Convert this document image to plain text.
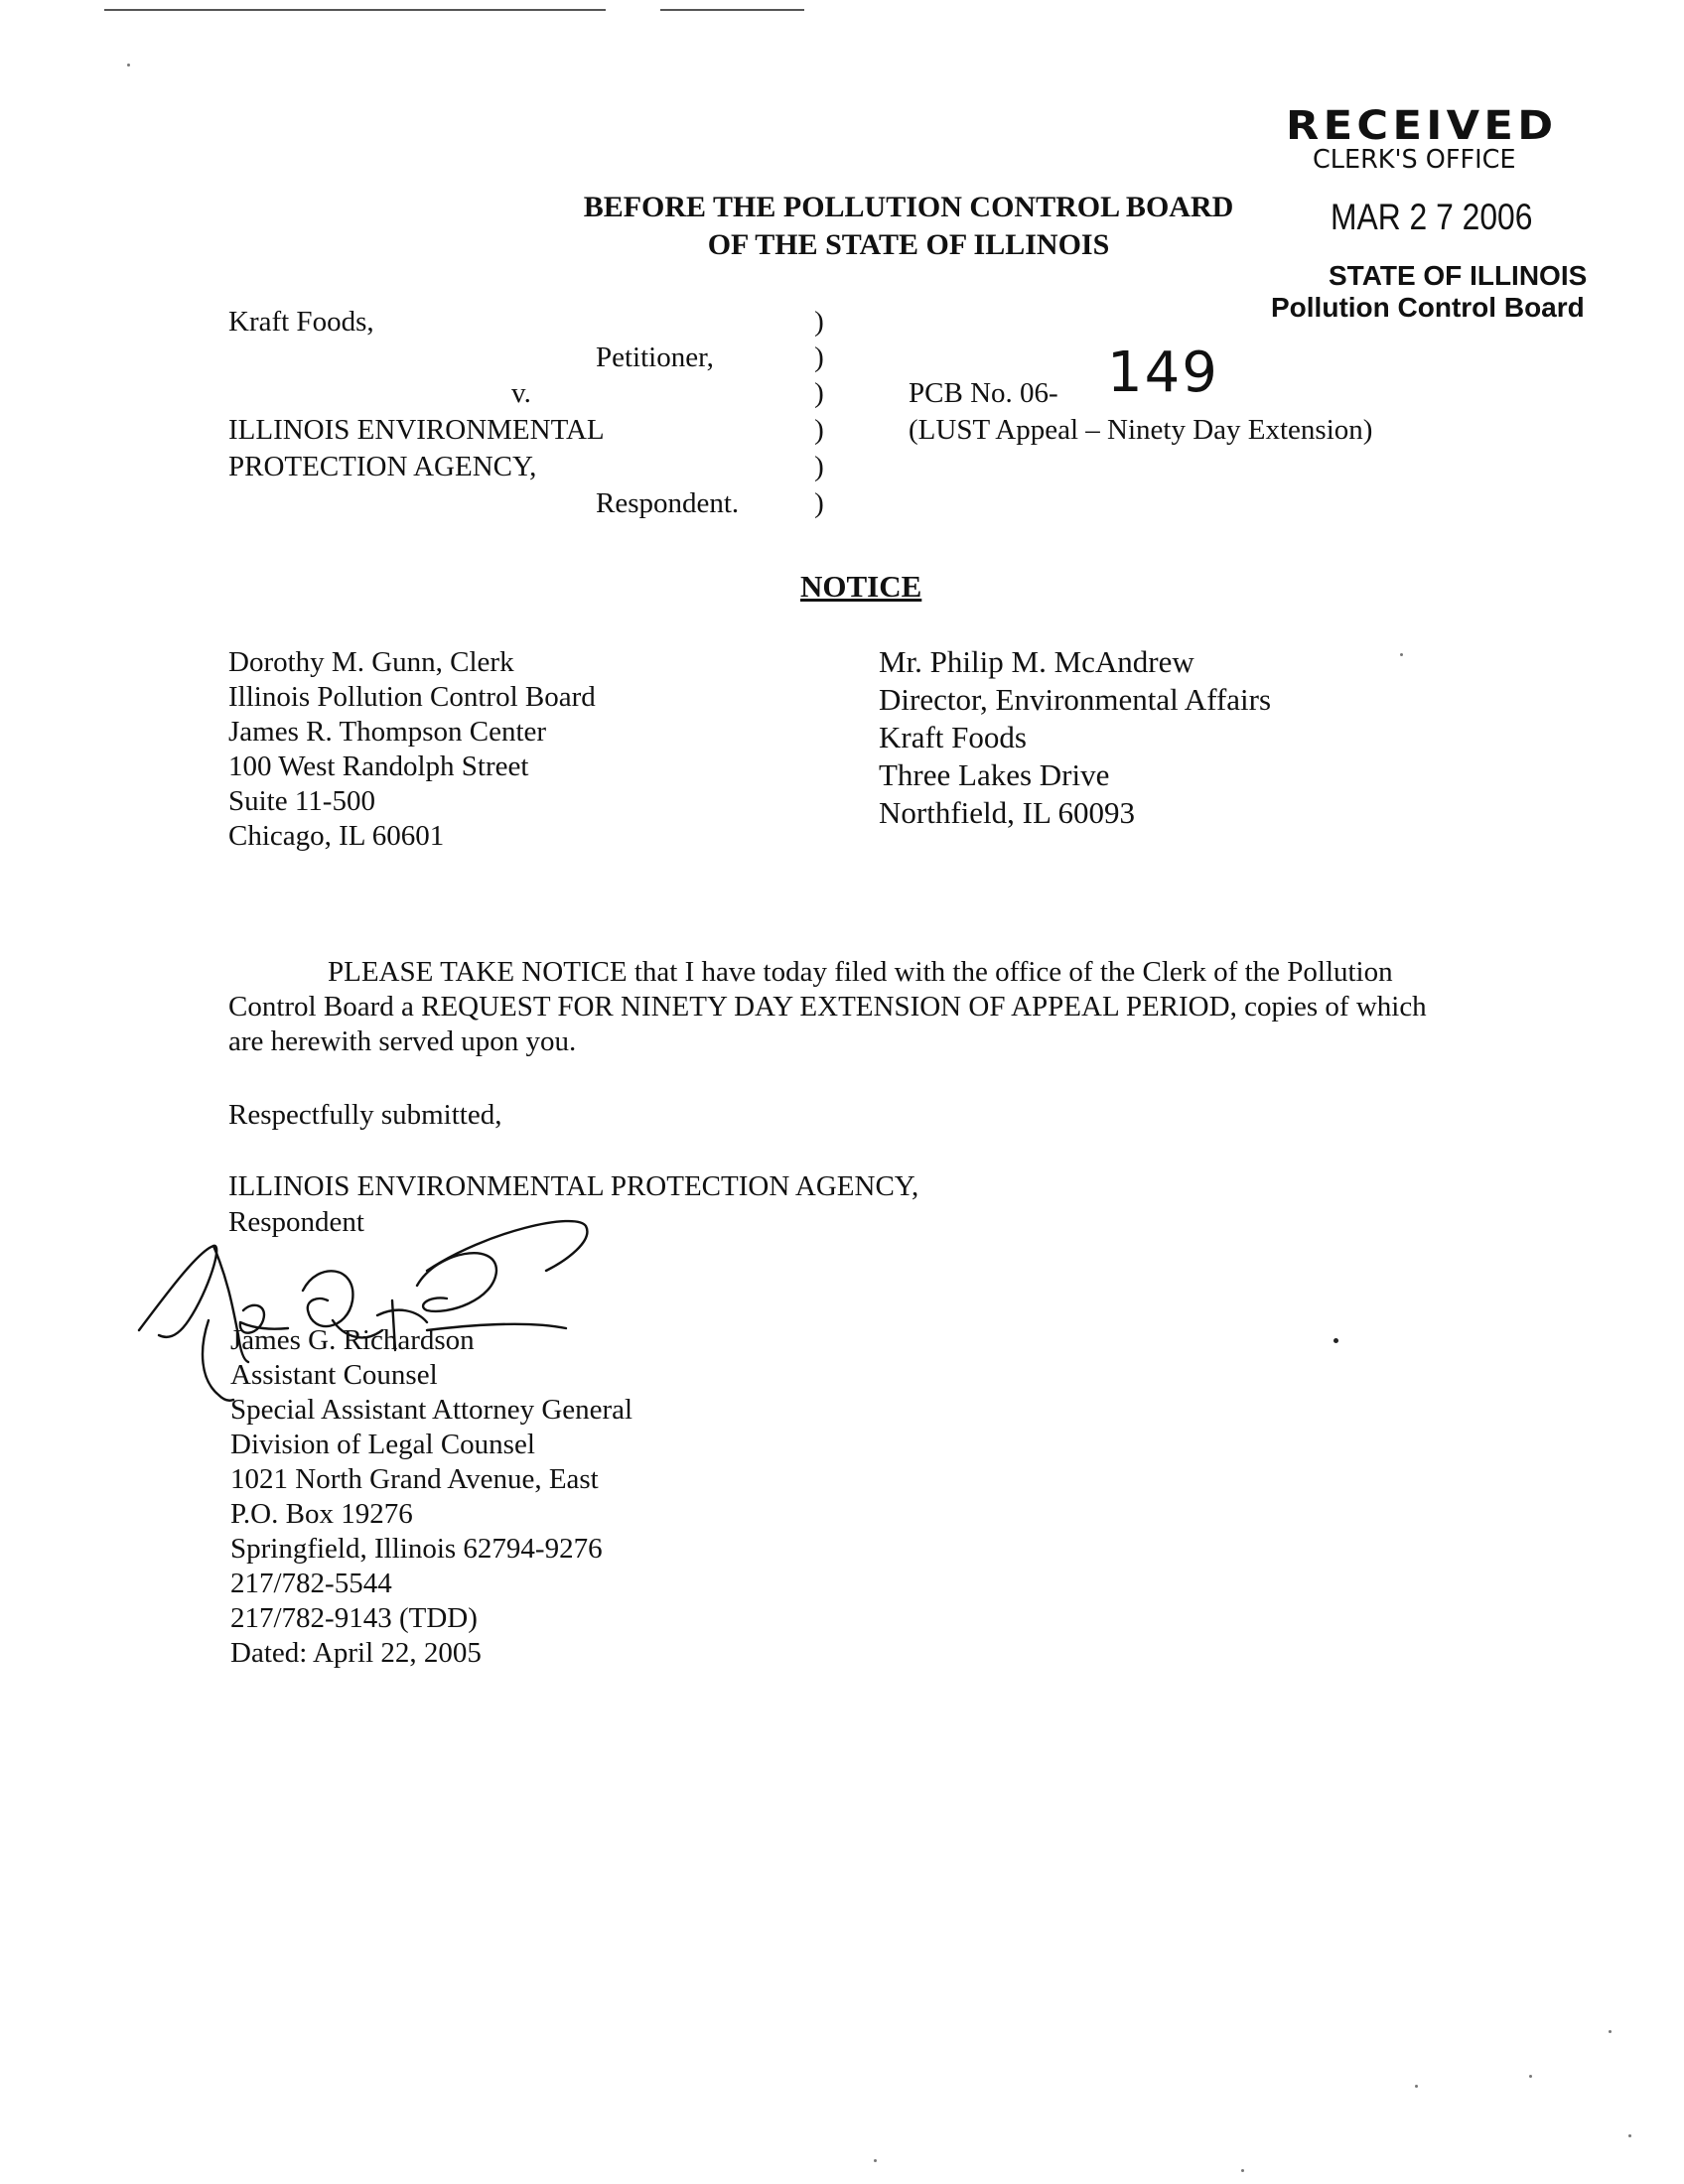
RECEIVED
CLERK'S OFFICE
MAR 2 7 2006
STATE OF ILLINOIS
Pollution Control Board
BEFORE THE POLLUTION CONTROL BOARD
OF THE STATE OF ILLINOIS
Kraft Foods,
Petitioner,
v.
ILLINOIS ENVIRONMENTAL
PROTECTION AGENCY,
Respondent.
)
)
)
)
)
)
PCB No. 06- 149
(LUST Appeal – Ninety Day Extension)
NOTICE
Dorothy M. Gunn, Clerk
Illinois Pollution Control Board
James R. Thompson Center
100 West Randolph Street
Suite 11-500
Chicago, IL 60601
Mr. Philip M. McAndrew
Director, Environmental Affairs
Kraft Foods
Three Lakes Drive
Northfield, IL 60093
PLEASE TAKE NOTICE that I have today filed with the office of the Clerk of the Pollution
Control Board a REQUEST FOR NINETY DAY EXTENSION OF APPEAL PERIOD, copies of which
are herewith served upon you.
Respectfully submitted,
ILLINOIS ENVIRONMENTAL PROTECTION AGENCY,
Respondent
James G. Richardson
Assistant Counsel
Special Assistant Attorney General
Division of Legal Counsel
1021 North Grand Avenue, East
P.O. Box 19276
Springfield, Illinois 62794-9276
217/782-5544
217/782-9143 (TDD)
Dated: April 22, 2005
